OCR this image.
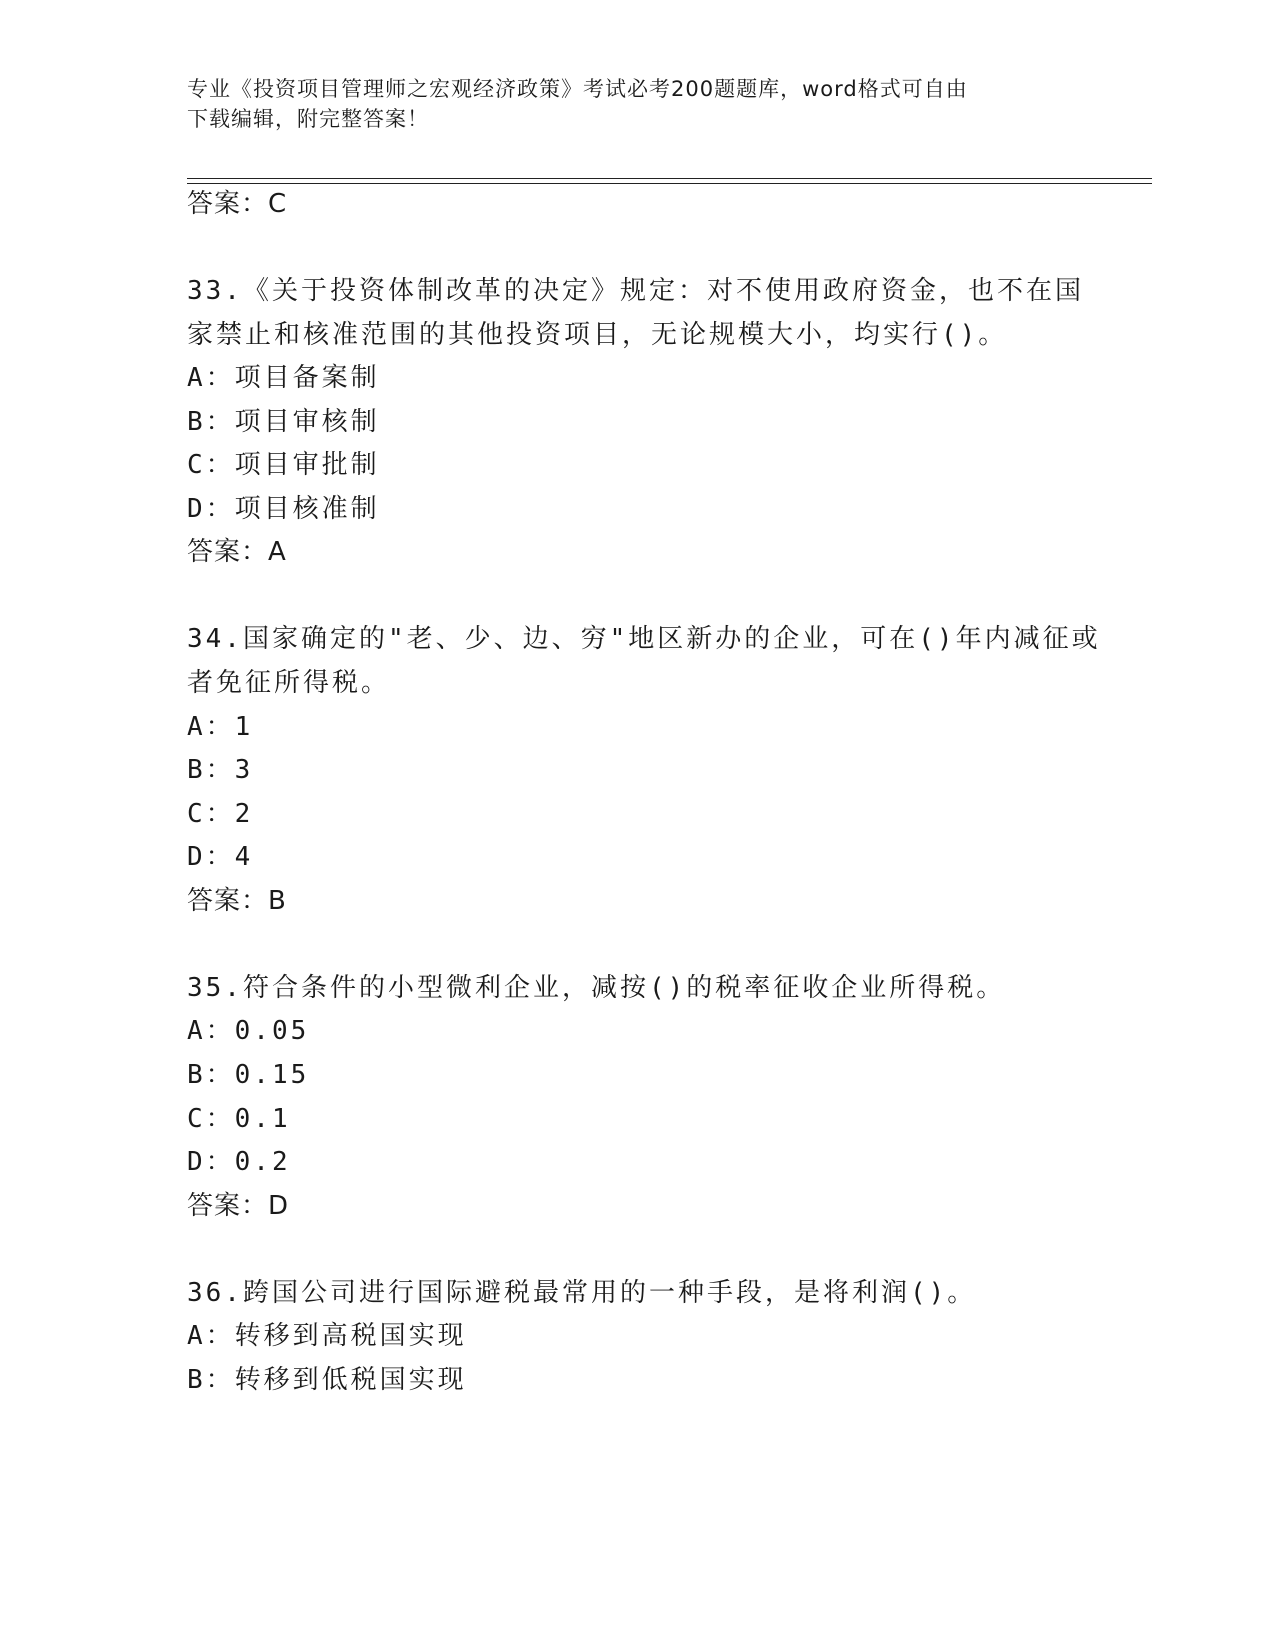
专业《投资项目管理师之宏观经济政策》考试必考200题题库，word格式可自由
下载编辑，附完整答案！
答案：C
33.《关于投资体制改革的决定》规定：对不使用政府资金，也不在国
家禁止和核准范围的其他投资项目，无论规模大小，均实行()。
A：项目备案制
B：项目审核制
C：项目审批制
D：项目核准制
答案：A
34.国家确定的"老、少、边、穷"地区新办的企业，可在()年内减征或
者免征所得税。
A：1
B：3
C：2
D：4
答案：B
35.符合条件的小型微利企业，减按()的税率征收企业所得税。
A：0.05
B：0.15
C：0.1
D：0.2
答案：D
36.跨国公司进行国际避税最常用的一种手段，是将利润()。
A：转移到高税国实现
B：转移到低税国实现
